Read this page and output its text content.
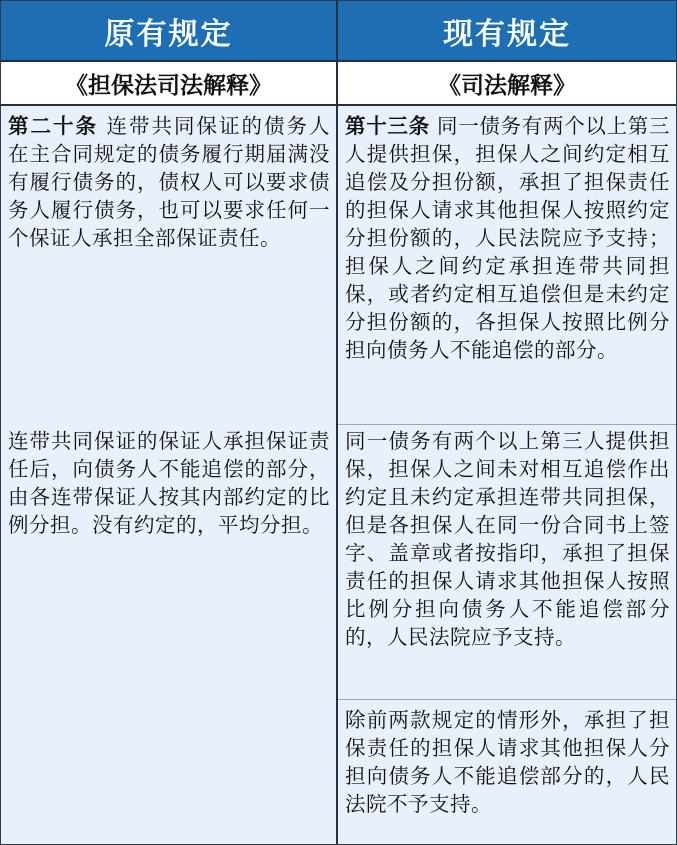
原有规定	现有规定
《担保法司法解释》	《司法解释》

第二十条 连带共同保证的债务人在主合同规定的债务履行期届满没有履行债务的，债权人可以要求债务人履行债务，也可以要求任何一个保证人承担全部保证责任。

连带共同保证的保证人承担保证责任后，向债务人不能追偿的部分，由各连带保证人按其内部约定的比例分担。没有约定的，平均分担。

第十三条 同一债务有两个以上第三人提供担保，担保人之间约定相互追偿及分担份额，承担了担保责任的担保人请求其他担保人按照约定分担份额的，人民法院应予支持；担保人之间约定承担连带共同担保，或者约定相互追偿但是未约定分担份额的，各担保人按照比例分担向债务人不能追偿的部分。

同一债务有两个以上第三人提供担保，担保人之间未对相互追偿作出约定且未约定承担连带共同担保，但是各担保人在同一份合同书上签字、盖章或者按指印，承担了担保责任的担保人请求其他担保人按照比例分担向债务人不能追偿部分的，人民法院应予支持。

除前两款规定的情形外，承担了担保责任的担保人请求其他担保人分担向债务人不能追偿部分的，人民法院不予支持。
